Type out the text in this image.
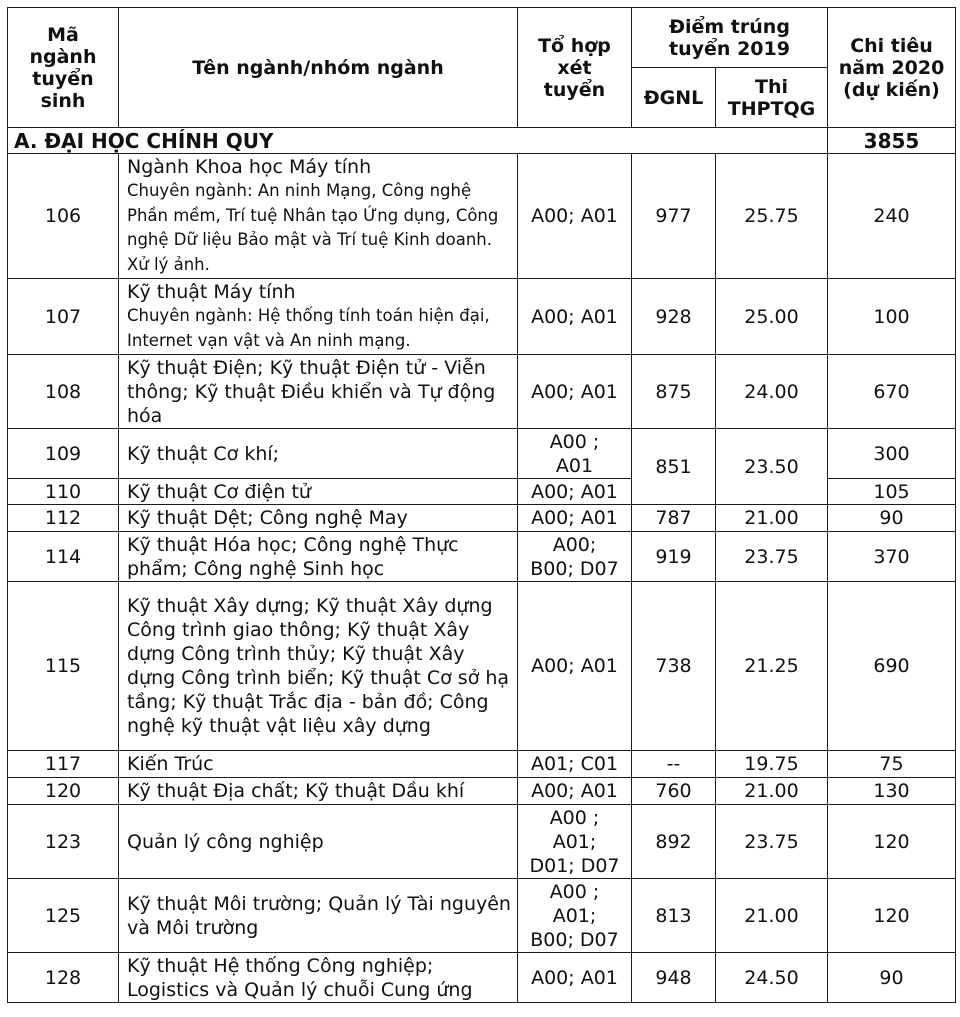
Mã ngành tuyển sinh	Tên ngành/nhóm ngành	Tổ hợp xét tuyển	Điểm trúng tuyển 2019		Chi tiêu năm 2020 (dự kiến)
			ĐGNL	Thi THPTQG	
A. ĐẠI HỌC CHÍNH QUY					3855
106	Ngành Khoa học Máy tính
Chuyên ngành: An ninh Mạng, Công nghệ Phần mềm, Trí tuệ Nhân tạo Ứng dụng, Công nghệ Dữ liệu Bảo mật và Trí tuệ Kinh doanh. Xử lý ảnh.	A00; A01	977	25.75	240
107	Kỹ thuật Máy tính
Chuyên ngành: Hệ thống tính toán hiện đại, Internet vạn vật và An ninh mạng.	A00; A01	928	25.00	100
108	Kỹ thuật Điện; Kỹ thuật Điện tử - Viễn thông; Kỹ thuật Điều khiển và Tự động hóa	A00; A01	875	24.00	670
109	Kỹ thuật Cơ khí;	A00 ;
A01	851	23.50	300
110	Kỹ thuật Cơ điện tử	A00; A01			105
112	Kỹ thuật Dệt; Công nghệ May	A00; A01	787	21.00	90
114	Kỹ thuật Hóa học; Công nghệ Thực phẩm; Công nghệ Sinh học	A00;
B00; D07	919	23.75	370
115	Kỹ thuật Xây dựng; Kỹ thuật Xây dựng Công trình giao thông; Kỹ thuật Xây dựng Công trình thủy; Kỹ thuật Xây dựng Công trình biển; Kỹ thuật Cơ sở hạ tầng; Kỹ thuật Trắc địa - bản đồ; Công nghệ kỹ thuật vật liệu xây dựng	A00; A01	738	21.25	690
117	Kiến Trúc	A01; C01	--	19.75	75
120	Kỹ thuật Địa chất; Kỹ thuật Dầu khí	A00; A01	760	21.00	130
123	Quản lý công nghiệp	A00 ;
A01;
D01; D07	892	23.75	120
125	Kỹ thuật Môi trường; Quản lý Tài nguyên và Môi trường	A00 ;
A01;
B00; D07	813	21.00	120
128	Kỹ thuật Hệ thống Công nghiệp; Logistics và Quản lý chuỗi Cung ứng	A00; A01	948	24.50	90
